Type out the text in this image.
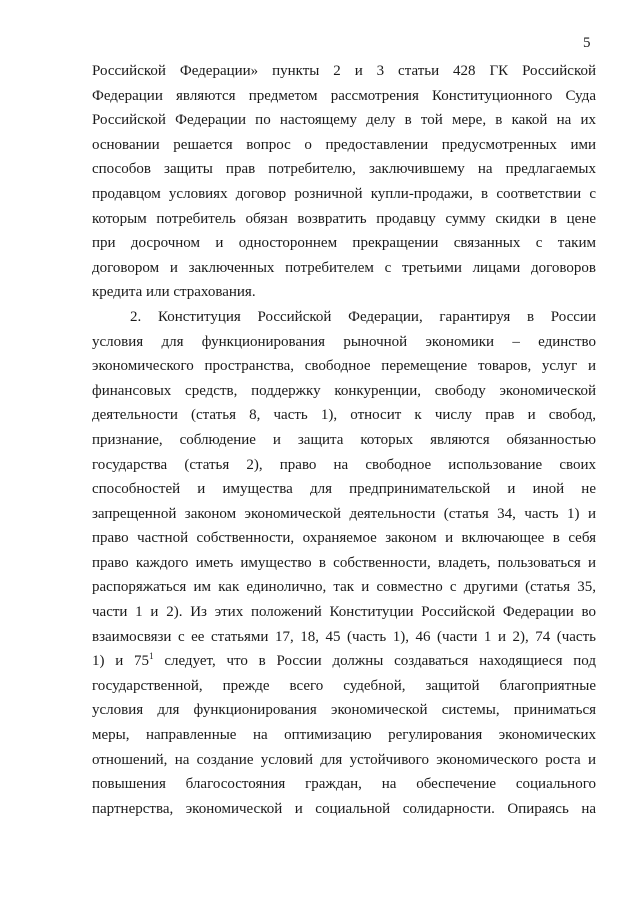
5
Российской Федерации» пункты 2 и 3 статьи 428 ГК Российской
Федерации являются предметом рассмотрения Конституционного Суда
Российской Федерации по настоящему делу в той мере, в какой на их
основании решается вопрос о предоставлении предусмотренных ими
способов защиты прав потребителю, заключившему на предлагаемых
продавцом условиях договор розничной купли-продажи, в соответствии с
которым потребитель обязан возвратить продавцу сумму скидки в цене
при досрочном и одностороннем прекращении связанных с таким
договором и заключенных потребителем с третьими лицами договоров
кредита или страхования.
2. Конституция Российской Федерации, гарантируя в России
условия для функционирования рыночной экономики – единство
экономического пространства, свободное перемещение товаров, услуг и
финансовых средств, поддержку конкуренции, свободу экономической
деятельности (статья 8, часть 1), относит к числу прав и свобод,
признание, соблюдение и защита которых являются обязанностью
государства (статья 2), право на свободное использование своих
способностей и имущества для предпринимательской и иной не
запрещенной законом экономической деятельности (статья 34, часть 1) и
право частной собственности, охраняемое законом и включающее в себя
право каждого иметь имущество в собственности, владеть, пользоваться и
распоряжаться им как единолично, так и совместно с другими (статья 35,
части 1 и 2). Из этих положений Конституции Российской Федерации во
взаимосвязи с ее статьями 17, 18, 45 (часть 1), 46 (части 1 и 2), 74 (часть
1) и $75^1$ следует, что в России должны создаваться находящиеся под
государственной, прежде всего судебной, защитой благоприятные
условия для функционирования экономической системы, приниматься
меры, направленные на оптимизацию регулирования экономических
отношений, на создание условий для устойчивого экономического роста и
повышения благосостояния граждан, на обеспечение социального
партнерства, экономической и социальной солидарности. Опираясь на
